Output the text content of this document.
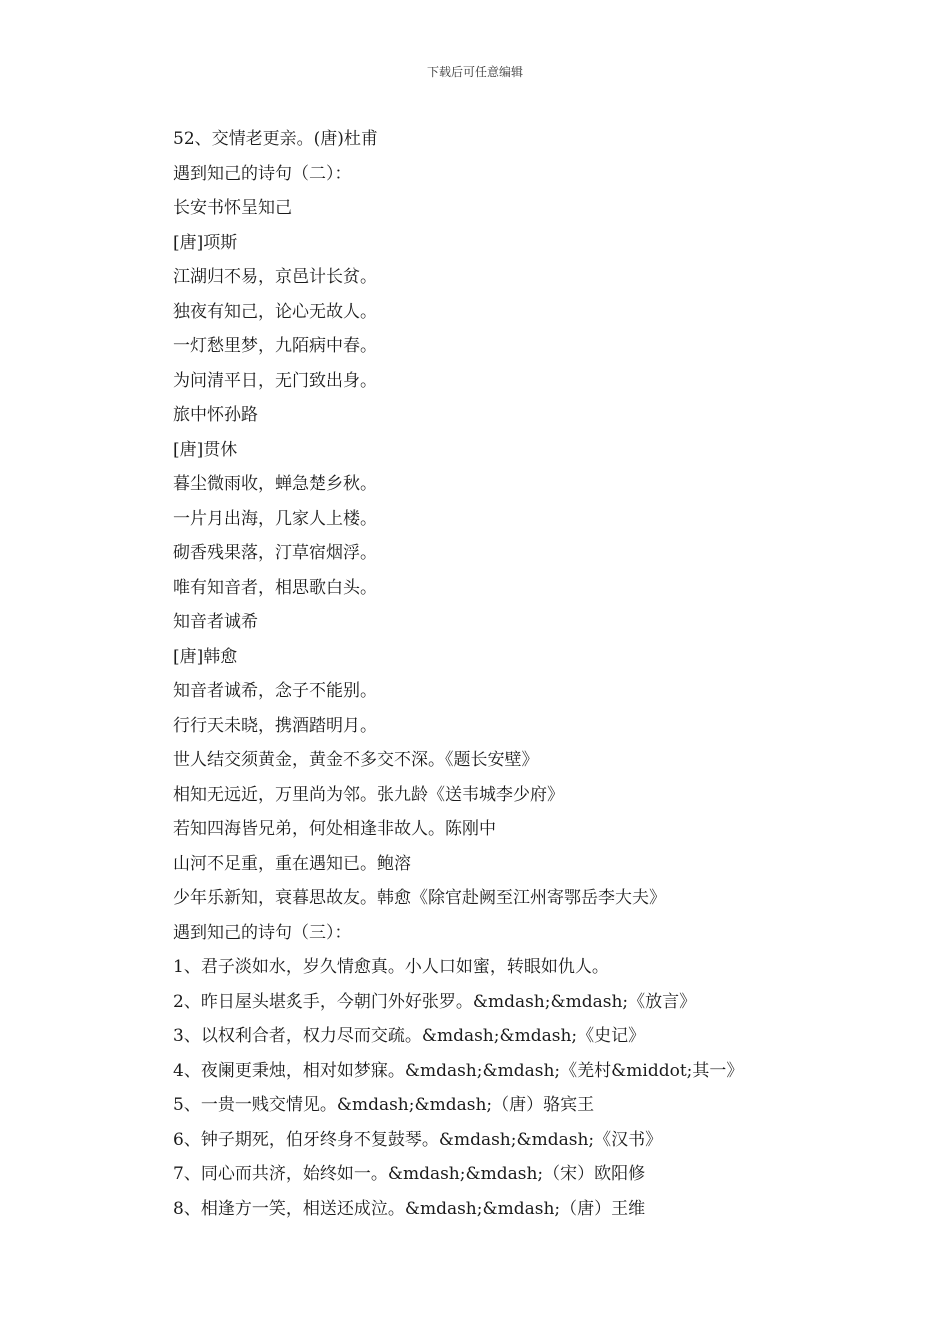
下载后可任意编辑
52、交情老更亲。(唐)杜甫
遇到知己的诗句（二）：
长安书怀呈知己
[唐]项斯
江湖归不易，京邑计长贫。
独夜有知己，论心无故人。
一灯愁里梦，九陌病中春。
为问清平日，无门致出身。
旅中怀孙路
[唐]贯休
暮尘微雨收，蝉急楚乡秋。
一片月出海，几家人上楼。
砌香残果落，汀草宿烟浮。
唯有知音者，相思歌白头。
知音者诚希
[唐]韩愈
知音者诚希，念子不能别。
行行天未晓，携酒踏明月。
世人结交须黄金，黄金不多交不深。《题长安壁》
相知无远近，万里尚为邻。张九龄《送韦城李少府》
若知四海皆兄弟，何处相逢非故人。陈刚中
山河不足重，重在遇知已。鲍溶
少年乐新知，衰暮思故友。韩愈《除官赴阙至江州寄鄂岳李大夫》
遇到知己的诗句（三）：
1、君子淡如水，岁久情愈真。小人口如蜜，转眼如仇人。
2、昨日屋头堪炙手，今朝门外好张罗。&mdash;&mdash;《放言》
3、以权利合者，权力尽而交疏。&mdash;&mdash;《史记》
4、夜阑更秉烛，相对如梦寐。&mdash;&mdash;《羌村&middot;其一》
5、一贵一贱交情见。&mdash;&mdash;（唐）骆宾王
6、钟子期死，伯牙终身不复鼓琴。&mdash;&mdash;《汉书》
7、同心而共济，始终如一。&mdash;&mdash;（宋）欧阳修
8、相逢方一笑，相送还成泣。&mdash;&mdash;（唐）王维
